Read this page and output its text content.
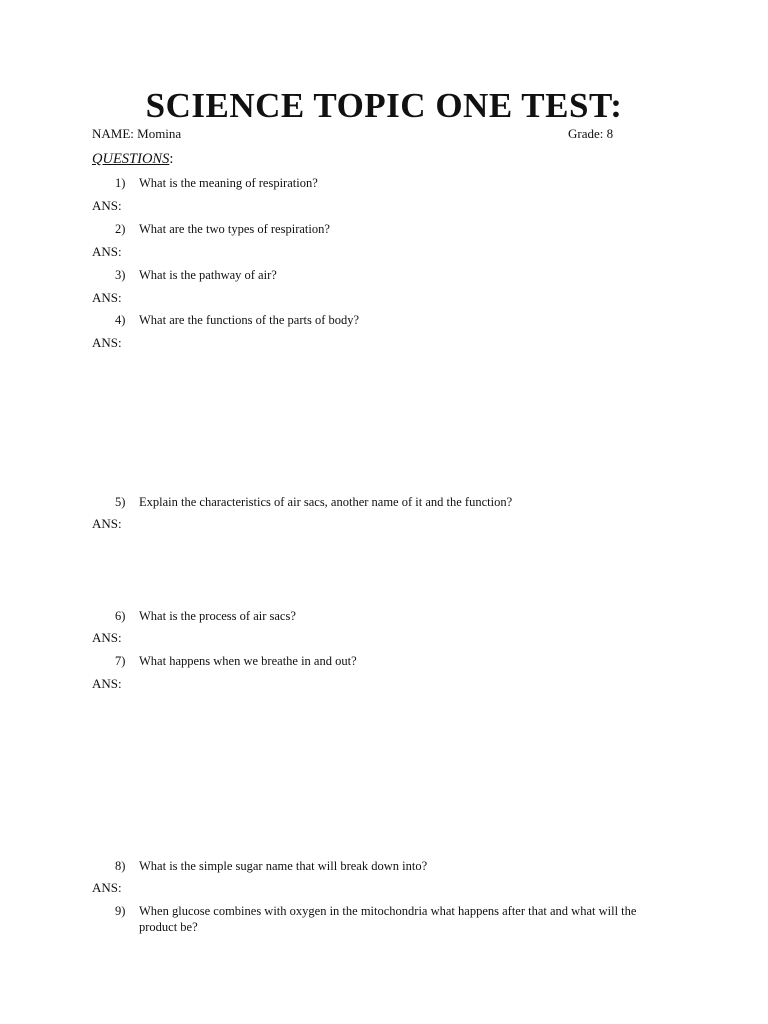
SCIENCE TOPIC ONE TEST:
NAME: Momina	Grade: 8
QUESTIONS:
1) What is the meaning of respiration?
ANS:
2) What are the two types of respiration?
ANS:
3) What is the pathway of air?
ANS:
4) What are the functions of the parts of body?
ANS:
5) Explain the characteristics of air sacs, another name of it and the function?
ANS:
6) What is the process of air sacs?
ANS:
7) What happens when we breathe in and out?
ANS:
8) What is the simple sugar name that will break down into?
ANS:
9) When glucose combines with oxygen in the mitochondria what happens after that and what will the product be?
